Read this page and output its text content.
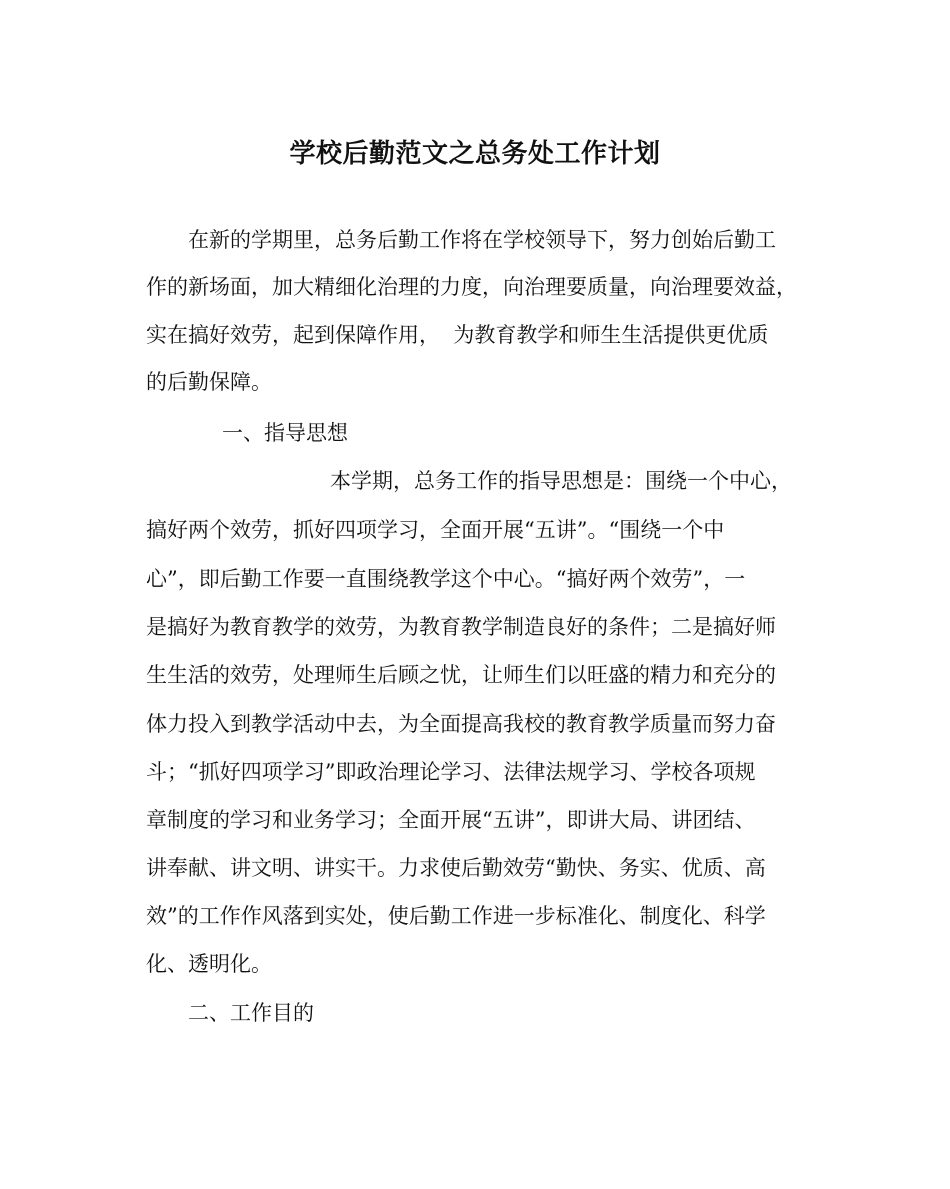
学校后勤范文之总务处工作计划
在新的学期里，总务后勤工作将在学校领导下，努力创始后勤工
作的新场面，加大精细化治理的力度，向治理要质量，向治理要效益，
实在搞好效劳，起到保障作用，  为教育教学和师生生活提供更优质
的后勤保障。
一、指导思想
本学期，总务工作的指导思想是：围绕一个中心，
搞好两个效劳，抓好四项学习，全面开展“五讲”。“围绕一个中
心”，即后勤工作要一直围绕教学这个中心。“搞好两个效劳”，一
是搞好为教育教学的效劳，为教育教学制造良好的条件；二是搞好师
生生活的效劳，处理师生后顾之忧，让师生们以旺盛的精力和充分的
体力投入到教学活动中去，为全面提高我校的教育教学质量而努力奋
斗；“抓好四项学习”即政治理论学习、法律法规学习、学校各项规
章制度的学习和业务学习；全面开展“五讲”，即讲大局、讲团结、
讲奉献、讲文明、讲实干。力求使后勤效劳“勤快、务实、优质、高
效”的工作作风落到实处，使后勤工作进一步标准化、制度化、科学
化、透明化。
二、工作目的
